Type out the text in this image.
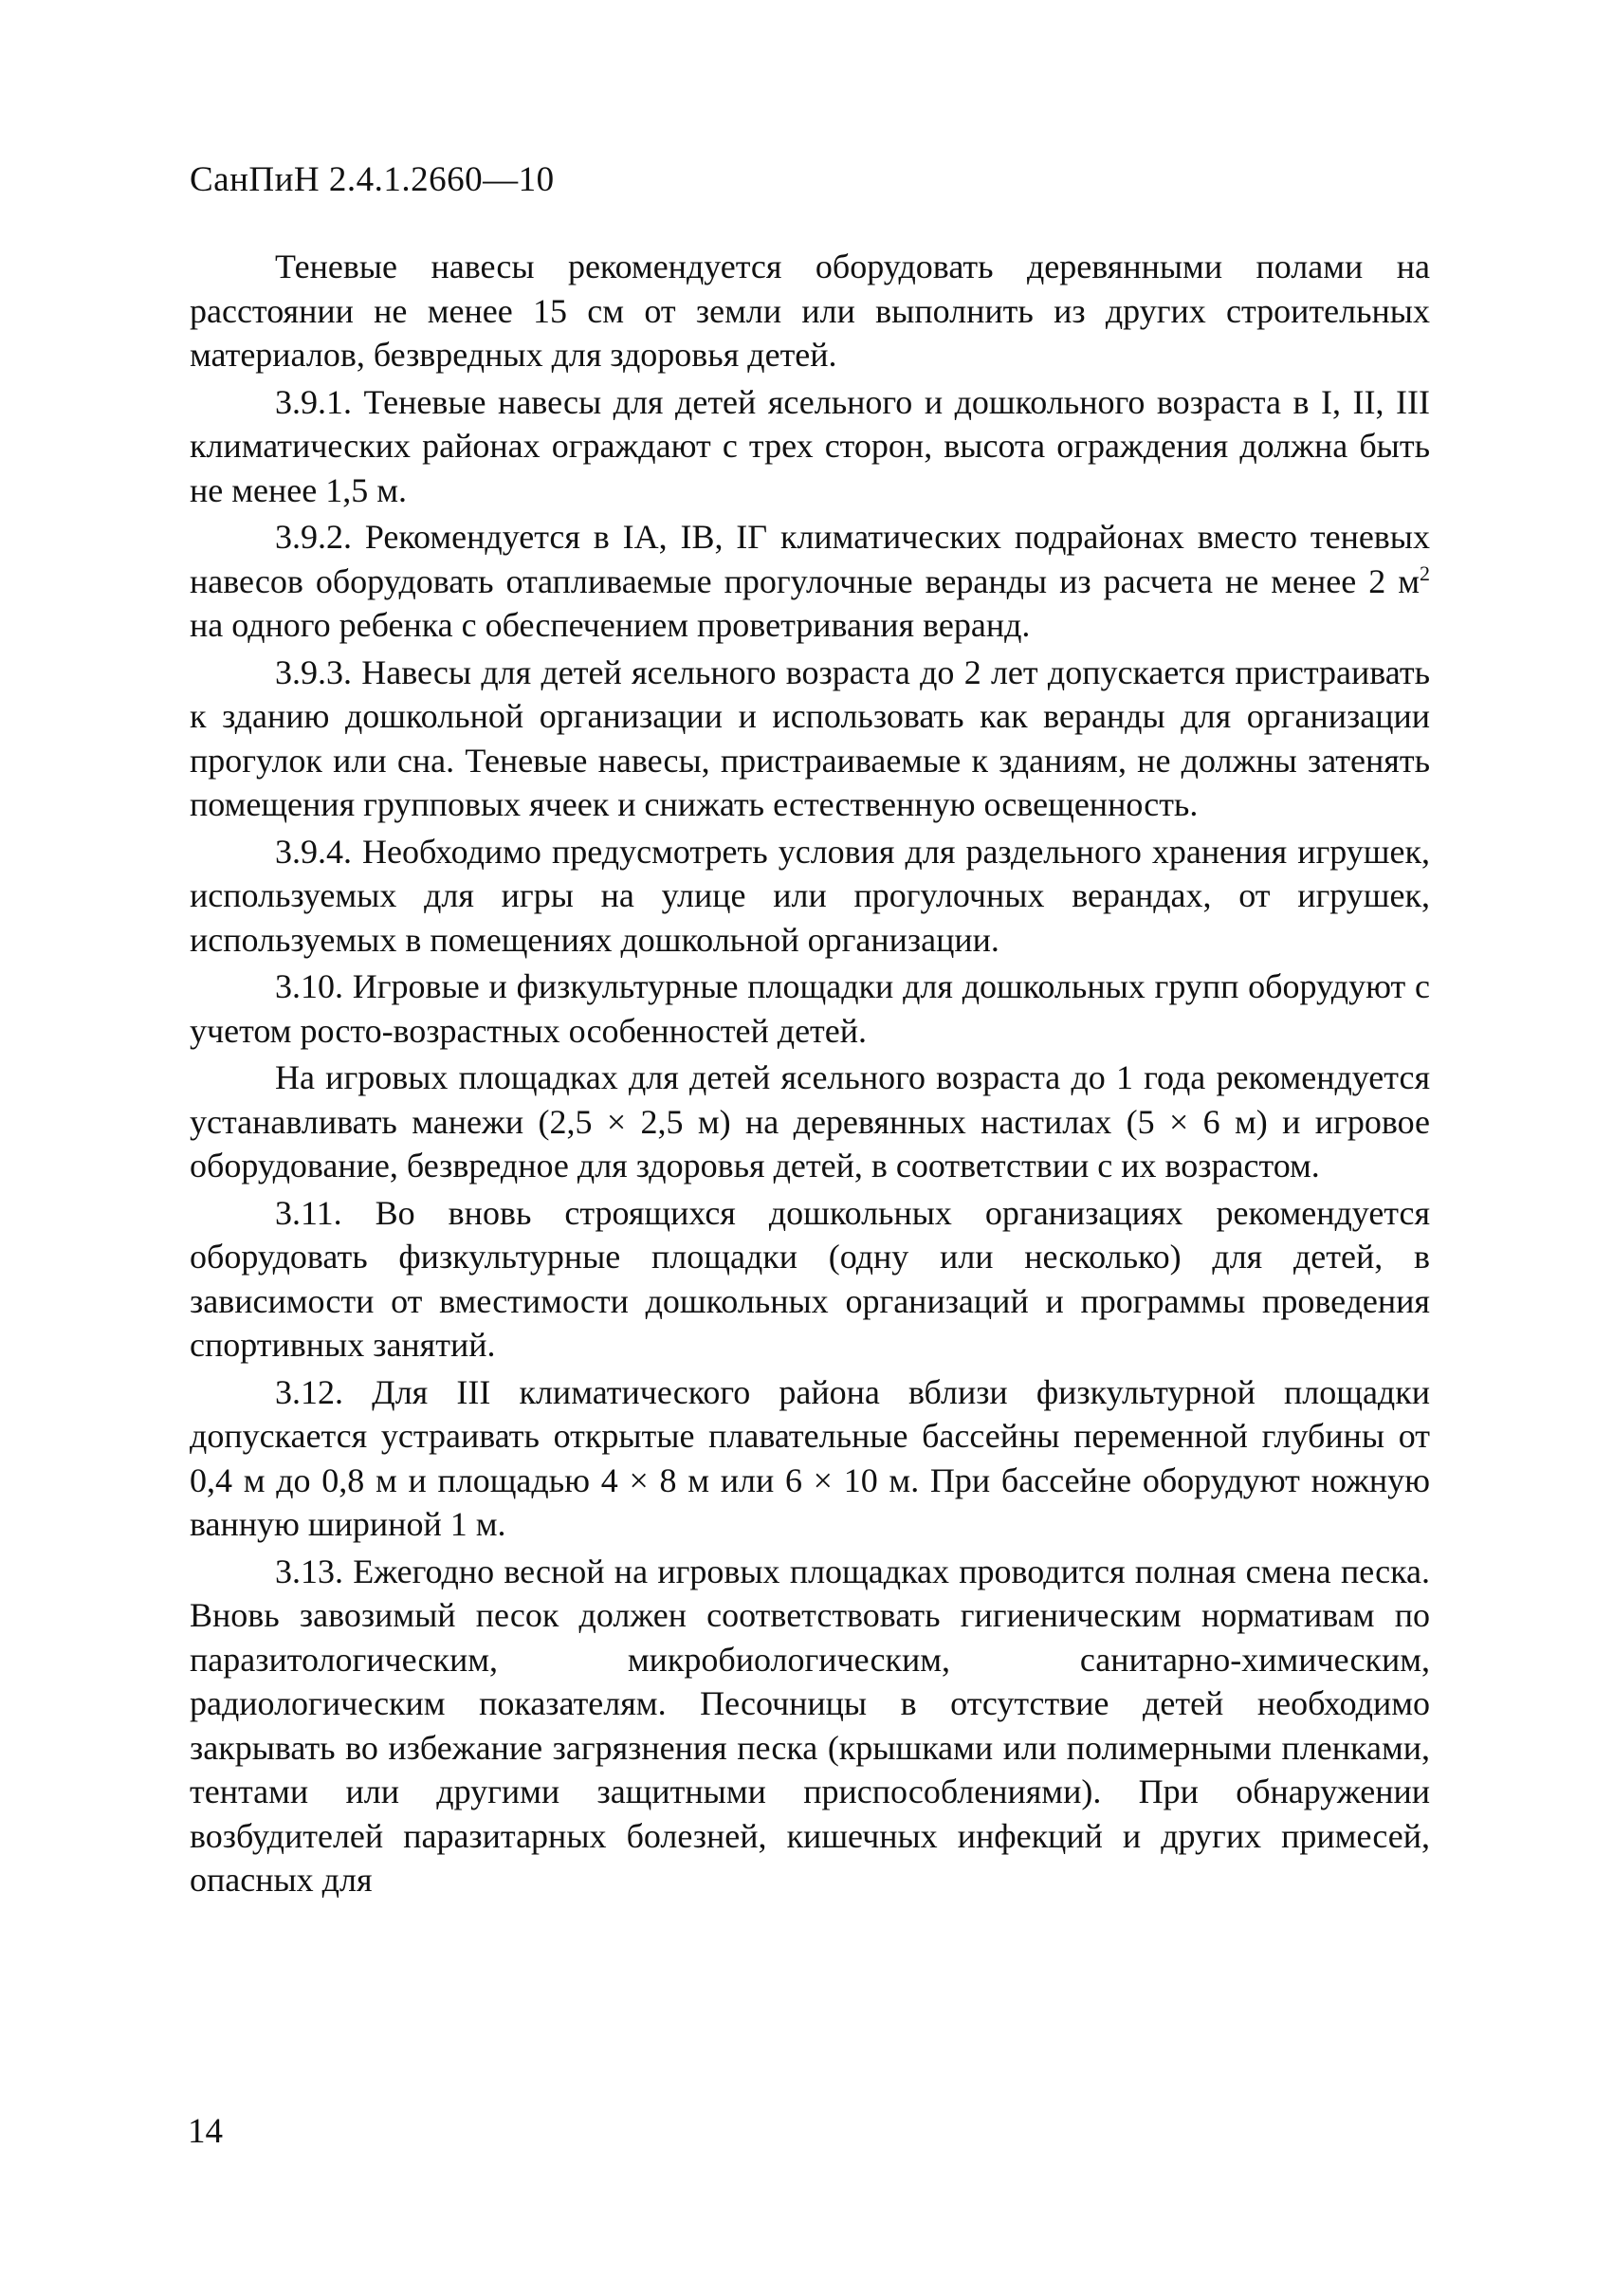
СанПиН 2.4.1.2660—10

Теневые навесы рекомендуется оборудовать деревянными полами на расстоянии не менее 15 см от земли или выполнить из других строительных материалов, безвредных для здоровья детей.

3.9.1. Теневые навесы для детей ясельного и дошкольного возраста в I, II, III климатических районах ограждают с трех сторон, высота ограждения должна быть не менее 1,5 м.

3.9.2. Рекомендуется в IА, IВ, IГ климатических подрайонах вместо теневых навесов оборудовать отапливаемые прогулочные веранды из расчета не менее 2 $м^2$ на одного ребенка с обеспечением проветривания веранд.

3.9.3. Навесы для детей ясельного возраста до 2 лет допускается пристраивать к зданию дошкольной организации и использовать как веранды для организации прогулок или сна. Теневые навесы, пристраиваемые к зданиям, не должны затенять помещения групповых ячеек и снижать естественную освещенность.

3.9.4. Необходимо предусмотреть условия для раздельного хранения игрушек, используемых для игры на улице или прогулочных верандах, от игрушек, используемых в помещениях дошкольной организации.

3.10. Игровые и физкультурные площадки для дошкольных групп оборудуют с учетом росто-возрастных особенностей детей.

На игровых площадках для детей ясельного возраста до 1 года рекомендуется устанавливать манежи (2,5 × 2,5 м) на деревянных настилах (5 × 6 м) и игровое оборудование, безвредное для здоровья детей, в соответствии с их возрастом.

3.11. Во вновь строящихся дошкольных организациях рекомендуется оборудовать физкультурные площадки (одну или несколько) для детей, в зависимости от вместимости дошкольных организаций и программы проведения спортивных занятий.

3.12. Для III климатического района вблизи физкультурной площадки допускается устраивать открытые плавательные бассейны переменной глубины от 0,4 м до 0,8 м и площадью 4 × 8 м или 6 × 10 м. При бассейне оборудуют ножную ванную шириной 1 м.

3.13. Ежегодно весной на игровых площадках проводится полная смена песка. Вновь завозимый песок должен соответствовать гигиеническим нормативам по паразитологическим, микробиологическим, санитарно-химическим, радиологическим показателям. Песочницы в отсутствие детей необходимо закрывать во избежание загрязнения песка (крышками или полимерными пленками, тентами или другими защитными приспособлениями). При обнаружении возбудителей паразитарных болезней, кишечных инфекций и других примесей, опасных для

14
